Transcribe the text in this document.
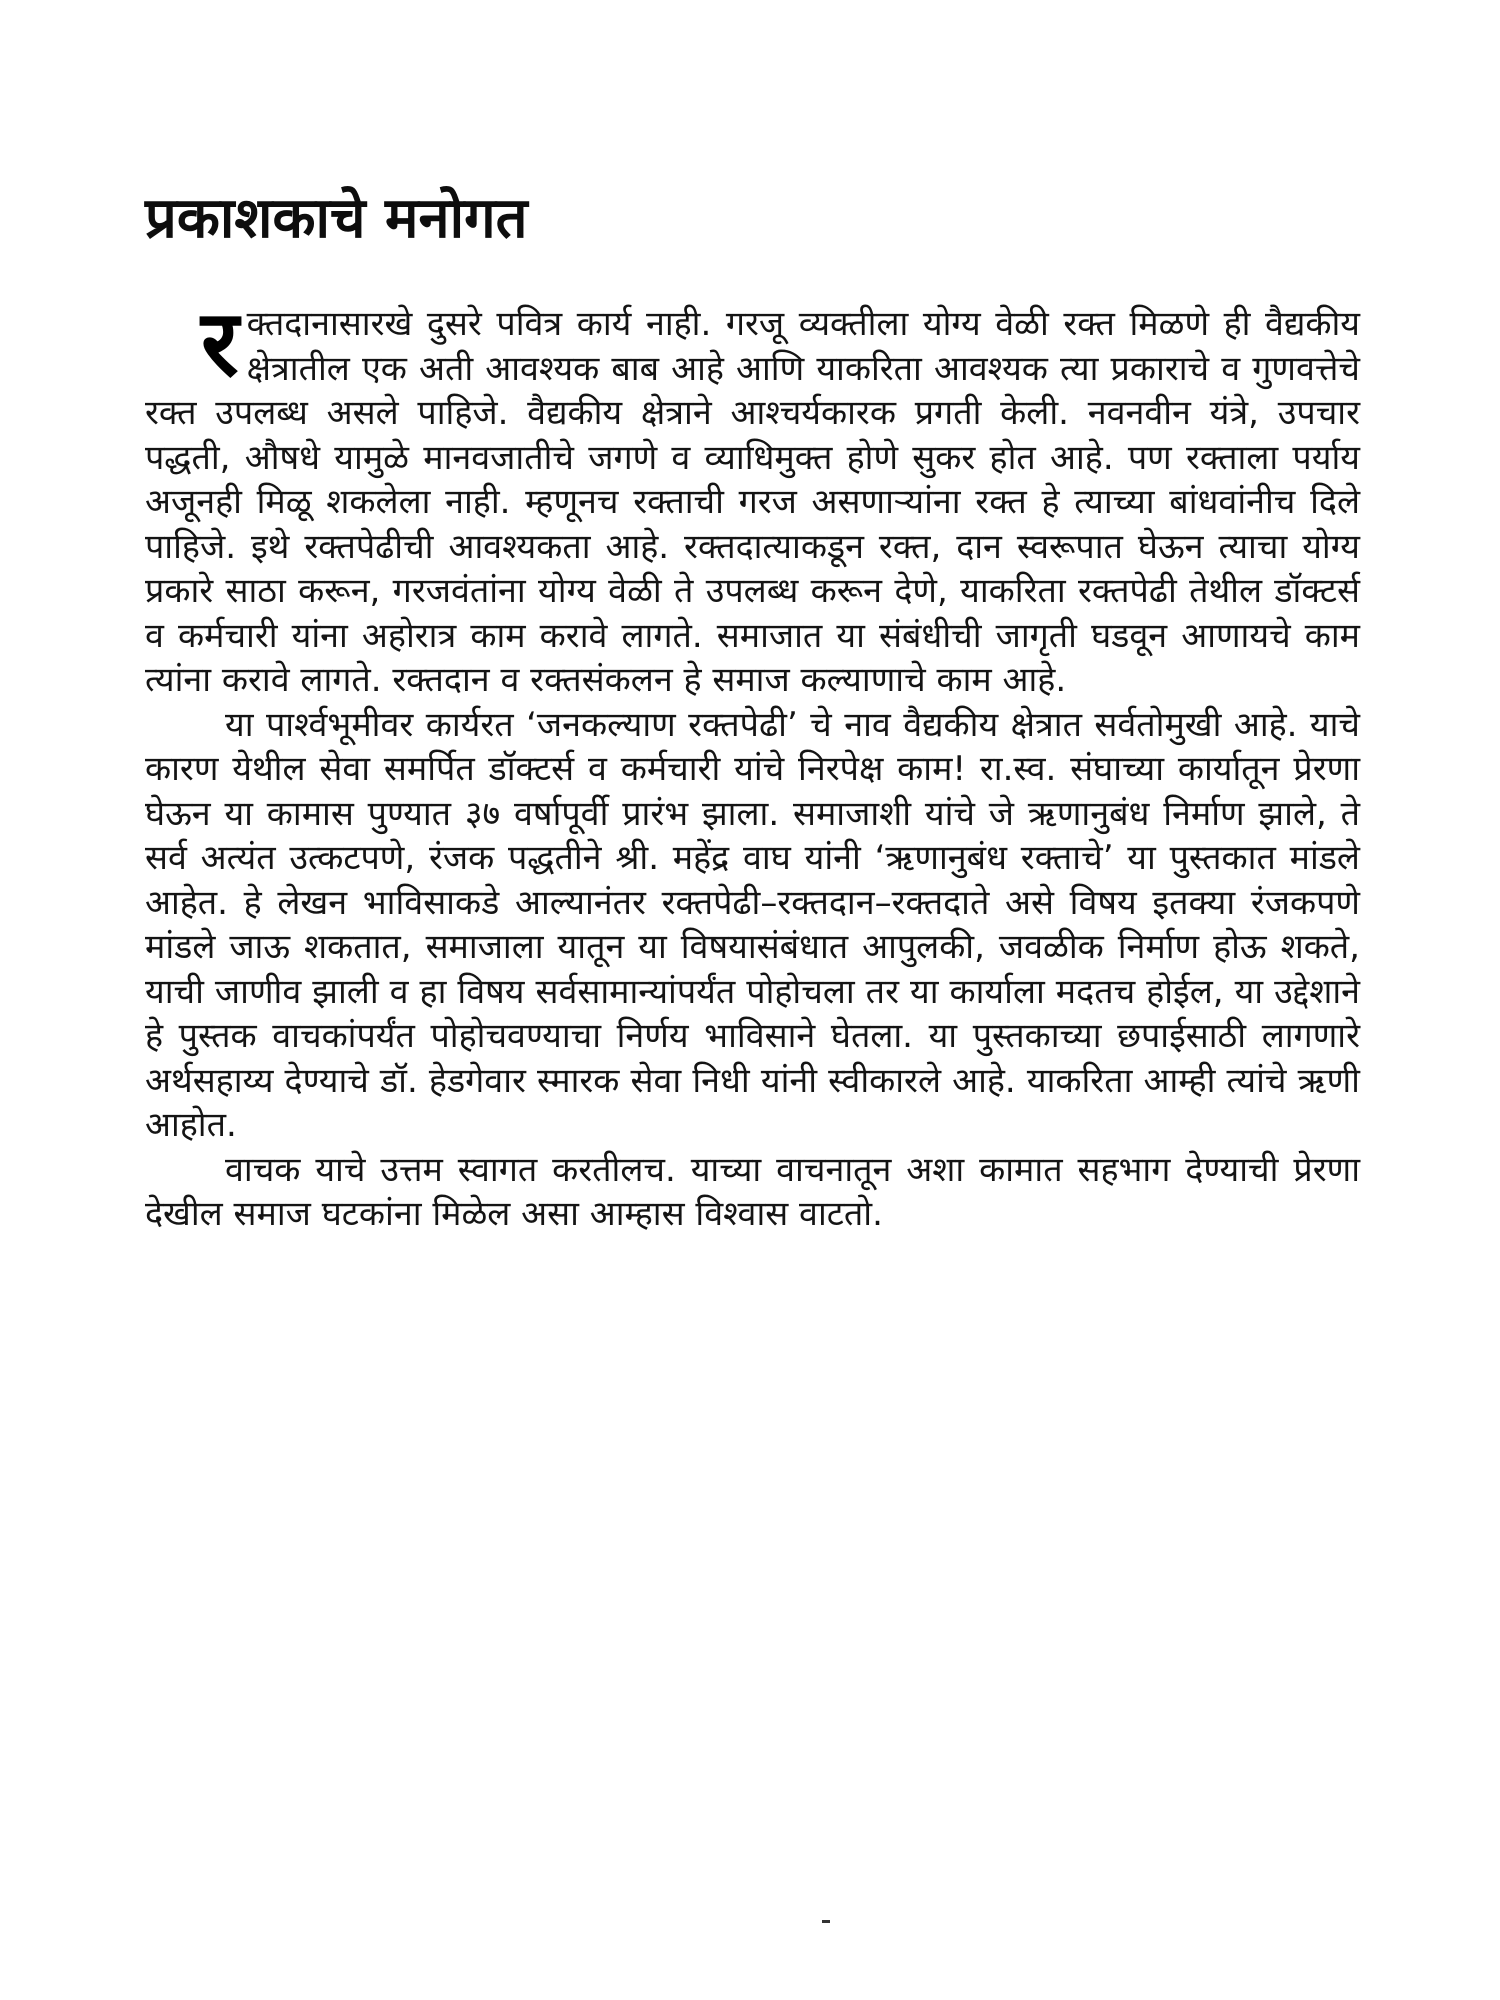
प्रकाशकाचे मनोगत

रक्तदानासारखे दुसरे पवित्र कार्य नाही. गरजू व्यक्तीला योग्य वेळी रक्त मिळणे ही वैद्यकीय क्षेत्रातील एक अती आवश्यक बाब आहे आणि याकरिता आवश्यक त्या प्रकाराचे व गुणवत्तेचे रक्त उपलब्ध असले पाहिजे. वैद्यकीय क्षेत्राने आश्चर्यकारक प्रगती केली. नवनवीन यंत्रे, उपचार पद्धती, औषधे यामुळे मानवजातीचे जगणे व व्याधिमुक्त होणे सुकर होत आहे. पण रक्ताला पर्याय अजूनही मिळू शकलेला नाही. म्हणूनच रक्ताची गरज असणाऱ्यांना रक्त हे त्याच्या बांधवांनीच दिले पाहिजे. इथे रक्तपेढीची आवश्यकता आहे. रक्तदात्याकडून रक्त, दान स्वरूपात घेऊन त्याचा योग्य प्रकारे साठा करून, गरजवंतांना योग्य वेळी ते उपलब्ध करून देणे, याकरिता रक्तपेढी तेथील डॉक्टर्स व कर्मचारी यांना अहोरात्र काम करावे लागते. समाजात या संबंधीची जागृती घडवून आणायचे काम त्यांना करावे लागते. रक्तदान व रक्तसंकलन हे समाज कल्याणाचे काम आहे.

या पार्श्वभूमीवर कार्यरत ‘जनकल्याण रक्तपेढी’ चे नाव वैद्यकीय क्षेत्रात सर्वतोमुखी आहे. याचे कारण येथील सेवा समर्पित डॉक्टर्स व कर्मचारी यांचे निरपेक्ष काम! रा.स्व. संघाच्या कार्यातून प्रेरणा घेऊन या कामास पुण्यात ३७ वर्षापूर्वी प्रारंभ झाला. समाजाशी यांचे जे ऋणानुबंध निर्माण झाले, ते सर्व अत्यंत उत्कटपणे, रंजक पद्धतीने श्री. महेंद्र वाघ यांनी ‘ऋणानुबंध रक्ताचे’ या पुस्तकात मांडले आहेत. हे लेखन भाविसाकडे आल्यानंतर रक्तपेढी–रक्तदान–रक्तदाते असे विषय इतक्या रंजकपणे मांडले जाऊ शकतात, समाजाला यातून या विषयासंबंधात आपुलकी, जवळीक निर्माण होऊ शकते, याची जाणीव झाली व हा विषय सर्वसामान्यांपर्यंत पोहोचला तर या कार्याला मदतच होईल, या उद्देशाने हे पुस्तक वाचकांपर्यंत पोहोचवण्याचा निर्णय भाविसाने घेतला. या पुस्तकाच्या छपाईसाठी लागणारे अर्थसहाय्य देण्याचे डॉ. हेडगेवार स्मारक सेवा निधी यांनी स्वीकारले आहे. याकरिता आम्ही त्यांचे ऋणी आहोत.

वाचक याचे उत्तम स्वागत करतीलच. याच्या वाचनातून अशा कामात सहभाग देण्याची प्रेरणा देखील समाज घटकांना मिळेल असा आम्हास विश्वास वाटतो.
